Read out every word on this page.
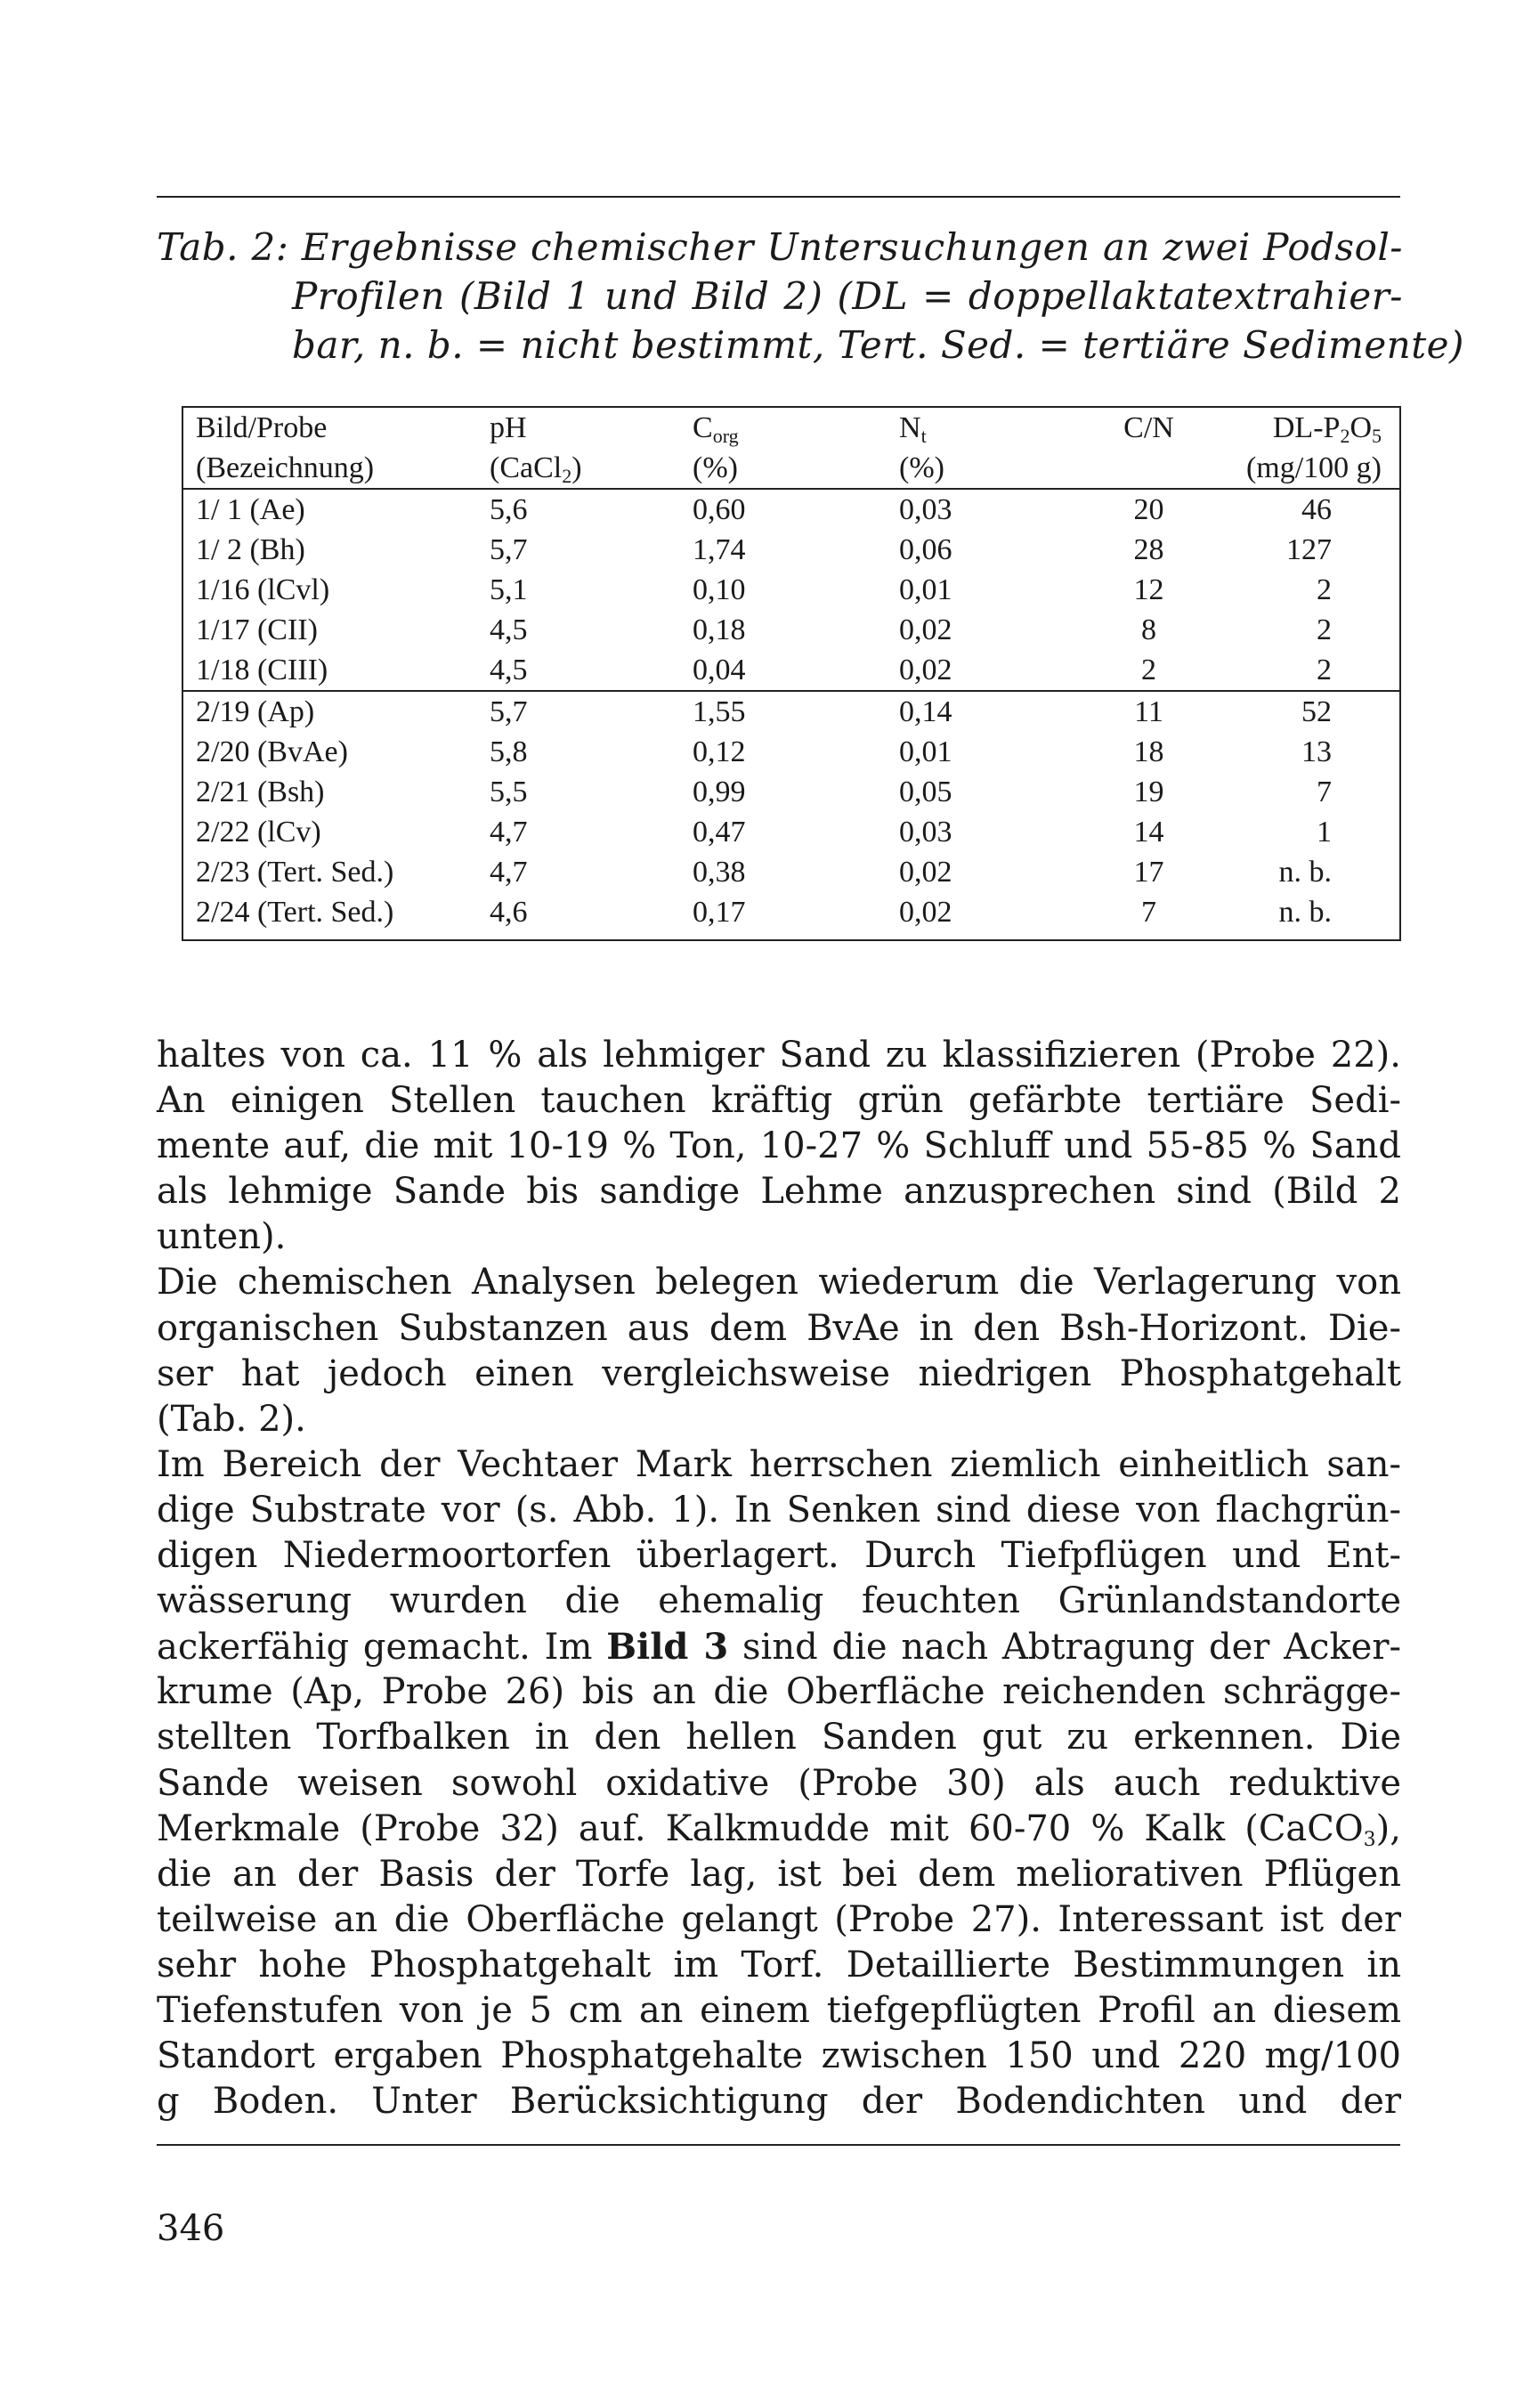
Tab. 2: Ergebnisse chemischer Untersuchungen an zwei Podsol-
Profilen (Bild 1 und Bild 2) (DL = doppellaktatextrahier-
bar, n. b. = nicht bestimmt, Tert. Sed. = tertiäre Sedimente)
Bild/Probe	pH	$C_{org}$	$N_t$	C/N	$DL-P_2O_5$
(Bezeichnung)	(CaCl$_2$)	(%)	(%)		(mg/100 g)
1/ 1 (Ae)	5,6	0,60	0,03	20	46
1/ 2 (Bh)	5,7	1,74	0,06	28	127
1/16 (lCvl)	5,1	0,10	0,01	12	2
1/17 (CII)	4,5	0,18	0,02	8	2
1/18 (CIII)	4,5	0,04	0,02	2	2
2/19 (Ap)	5,7	1,55	0,14	11	52
2/20 (BvAe)	5,8	0,12	0,01	18	13
2/21 (Bsh)	5,5	0,99	0,05	19	7
2/22 (lCv)	4,7	0,47	0,03	14	1
2/23 (Tert. Sed.)	4,7	0,38	0,02	17	n. b.
2/24 (Tert. Sed.)	4,6	0,17	0,02	7	n. b.
haltes von ca. 11 % als lehmiger Sand zu klassifizieren (Probe 22).
An einigen Stellen tauchen kräftig grün gefärbte tertiäre Sedi-
mente auf, die mit 10-19 % Ton, 10-27 % Schluff und 55-85 % Sand
als lehmige Sande bis sandige Lehme anzusprechen sind (Bild 2
unten).
Die chemischen Analysen belegen wiederum die Verlagerung von
organischen Substanzen aus dem BvAe in den Bsh-Horizont. Die-
ser hat jedoch einen vergleichsweise niedrigen Phosphatgehalt
(Tab. 2).
Im Bereich der Vechtaer Mark herrschen ziemlich einheitlich san-
dige Substrate vor (s. Abb. 1). In Senken sind diese von flachgrün-
digen Niedermoortorfen überlagert. Durch Tiefpflügen und Ent-
wässerung wurden die ehemalig feuchten Grünlandstandorte
ackerfähig gemacht. Im Bild 3 sind die nach Abtragung der Acker-
krume (Ap, Probe 26) bis an die Oberfläche reichenden schrägge-
stellten Torfbalken in den hellen Sanden gut zu erkennen. Die
Sande weisen sowohl oxidative (Probe 30) als auch reduktive
Merkmale (Probe 32) auf. Kalkmudde mit 60-70 % Kalk (CaCO$_3$),
die an der Basis der Torfe lag, ist bei dem meliorativen Pflügen
teilweise an die Oberfläche gelangt (Probe 27). Interessant ist der
sehr hohe Phosphatgehalt im Torf. Detaillierte Bestimmungen in
Tiefenstufen von je 5 cm an einem tiefgepflügten Profil an diesem
Standort ergaben Phosphatgehalte zwischen 150 und 220 mg/100
g Boden. Unter Berücksichtigung der Bodendichten und der
346
